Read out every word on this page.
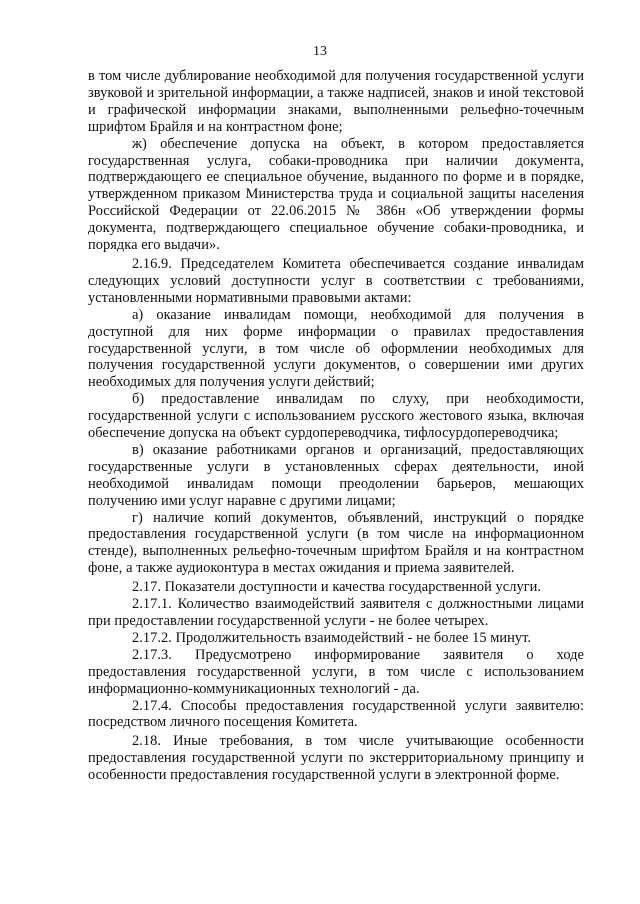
13

в том числе дублирование необходимой для получения государственной услуги звуковой и зрительной информации, а также надписей, знаков и иной текстовой и графической информации знаками, выполненными рельефно-точечным шрифтом Брайля и на контрастном фоне;

ж) обеспечение допуска на объект, в котором предоставляется государственная услуга, собаки-проводника при наличии документа, подтверждающего ее специальное обучение, выданного по форме и в порядке, утвержденном приказом Министерства труда и социальной защиты населения Российской Федерации от 22.06.2015 № 386н «Об утверждении формы документа, подтверждающего специальное обучение собаки-проводника, и порядка его выдачи».

2.16.9. Председателем Комитета обеспечивается создание инвалидам следующих условий доступности услуг в соответствии с требованиями, установленными нормативными правовыми актами:

а) оказание инвалидам помощи, необходимой для получения в доступной для них форме информации о правилах предоставления государственной услуги, в том числе об оформлении необходимых для получения государственной услуги документов, о совершении ими других необходимых для получения услуги действий;

б) предоставление инвалидам по слуху, при необходимости, государственной услуги с использованием русского жестового языка, включая обеспечение допуска на объект сурдопереводчика, тифлосурдопереводчика;

в) оказание работниками органов и организаций, предоставляющих государственные услуги в установленных сферах деятельности, иной необходимой инвалидам помощи преодолении барьеров, мешающих получению ими услуг наравне с другими лицами;

г) наличие копий документов, объявлений, инструкций о порядке предоставления государственной услуги (в том числе на информационном стенде), выполненных рельефно-точечным шрифтом Брайля и на контрастном фоне, а также аудиоконтура в местах ожидания и приема заявителей.

2.17. Показатели доступности и качества государственной услуги.

2.17.1. Количество взаимодействий заявителя с должностными лицами при предоставлении государственной услуги - не более четырех.

2.17.2. Продолжительность взаимодействий - не более 15 минут.

2.17.3. Предусмотрено информирование заявителя о ходе предоставления государственной услуги, в том числе с использованием информационно-коммуникационных технологий - да.

2.17.4. Способы предоставления государственной услуги заявителю: посредством личного посещения Комитета.

2.18. Иные требования, в том числе учитывающие особенности предоставления государственной услуги по экстерриториальному принципу и особенности предоставления государственной услуги в электронной форме.
